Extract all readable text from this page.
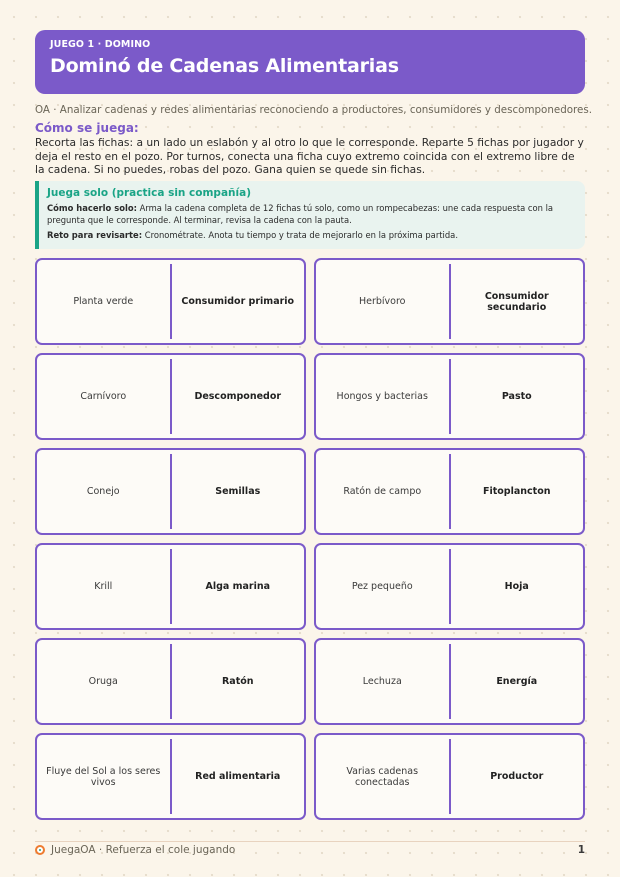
JUEGO 1 · DOMINO
Dominó de Cadenas Alimentarias
OA · Analizar cadenas y redes alimentarias reconociendo a productores, consumidores y descomponedores.
Cómo se juega:
Recorta las fichas: a un lado un eslabón y al otro lo que le corresponde. Reparte 5 fichas por jugador y deja el resto en el pozo. Por turnos, conecta una ficha cuyo extremo coincida con el extremo libre de la cadena. Si no puedes, robas del pozo. Gana quien se quede sin fichas.
Juega solo (practica sin compañía)

Cómo hacerlo solo: Arma la cadena completa de 12 fichas tú solo, como un rompecabezas: une cada respuesta con la pregunta que le corresponde. Al terminar, revisa la cadena con la pauta.

Reto para revisarte: Cronométrate. Anota tu tiempo y trata de mejorarlo en la próxima partida.

Planta verde	Consumidor primario	Herbívoro	Consumidor secundario
Carnívoro	Descomponedor	Hongos y bacterias	Pasto
Conejo	Semillas	Ratón de campo	Fitoplancton
Krill	Alga marina	Pez pequeño	Hoja
Oruga	Ratón	Lechuza	Energía
Fluye del Sol a los seres vivos	Red alimentaria	Varias cadenas conectadas	Productor
JuegaOA · Refuerza el cole jugando	1
